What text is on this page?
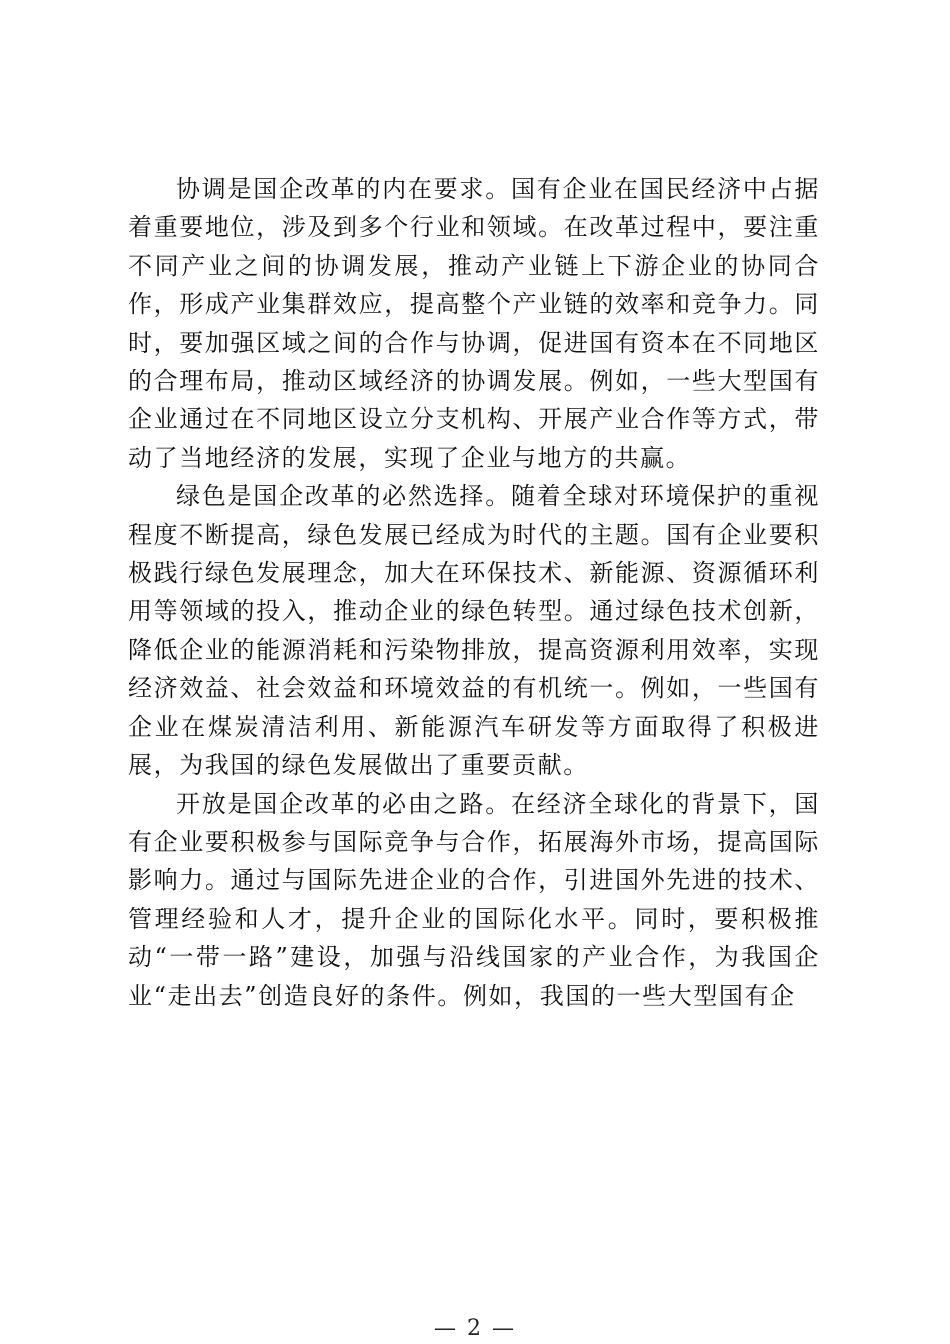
协调是国企改革的内在要求。国有企业在国民经济中占据着重要地位，涉及到多个行业和领域。在改革过程中，要注重不同产业之间的协调发展，推动产业链上下游企业的协同合作，形成产业集群效应，提高整个产业链的效率和竞争力。同时，要加强区域之间的合作与协调，促进国有资本在不同地区的合理布局，推动区域经济的协调发展。例如，一些大型国有企业通过在不同地区设立分支机构、开展产业合作等方式，带动了当地经济的发展，实现了企业与地方的共赢。

绿色是国企改革的必然选择。随着全球对环境保护的重视程度不断提高，绿色发展已经成为时代的主题。国有企业要积极践行绿色发展理念，加大在环保技术、新能源、资源循环利用等领域的投入，推动企业的绿色转型。通过绿色技术创新，降低企业的能源消耗和污染物排放，提高资源利用效率，实现经济效益、社会效益和环境效益的有机统一。例如，一些国有企业在煤炭清洁利用、新能源汽车研发等方面取得了积极进展，为我国的绿色发展做出了重要贡献。

开放是国企改革的必由之路。在经济全球化的背景下，国有企业要积极参与国际竞争与合作，拓展海外市场，提高国际影响力。通过与国际先进企业的合作，引进国外先进的技术、管理经验和人才，提升企业的国际化水平。同时，要积极推动“一带一路”建设，加强与沿线国家的产业合作，为我国企业“走出去”创造良好的条件。例如，我国的一些大型国有企

— 2 —
